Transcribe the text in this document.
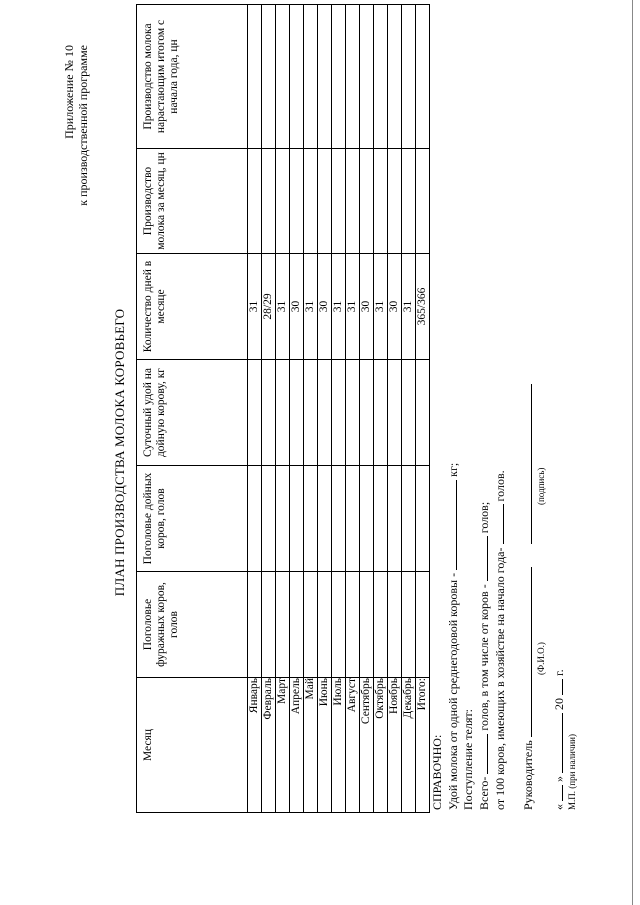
Приложение № 10 к производственной программе
ПЛАН ПРОИЗВОДСТВА МОЛОКА КОРОВЬЕГО
Месяц	Поголовье фуражных коров, голов	Поголовье дойных коров, голов	Суточный удой на дойную корову, кг	Количество дней в месяце	Производство молока за месяц, цн	Производство молока нарастающим итогом с начала года, цн
Январь				31		
Февраль				28/29		
Март				31		
Апрель				30		
Май				31		
Июнь				30		
Июль				31		
Август				31		
Сентябрь				30		
Октябрь				31		
Ноябрь				30		
Декабрь				31		
Итого:				365/366		
СПРАВОЧНО: Удой молока от одной среднегодовой коровы -  кг;
Поступление телят: Всего-  голов, в том числе от коров -  голов;
от 100 коров, имеющих в хозяйстве на начало года-  голов.
Руководитель
(Ф.И.О.)
(подпись)
«  »  20  г.
М.П. (при наличии)
